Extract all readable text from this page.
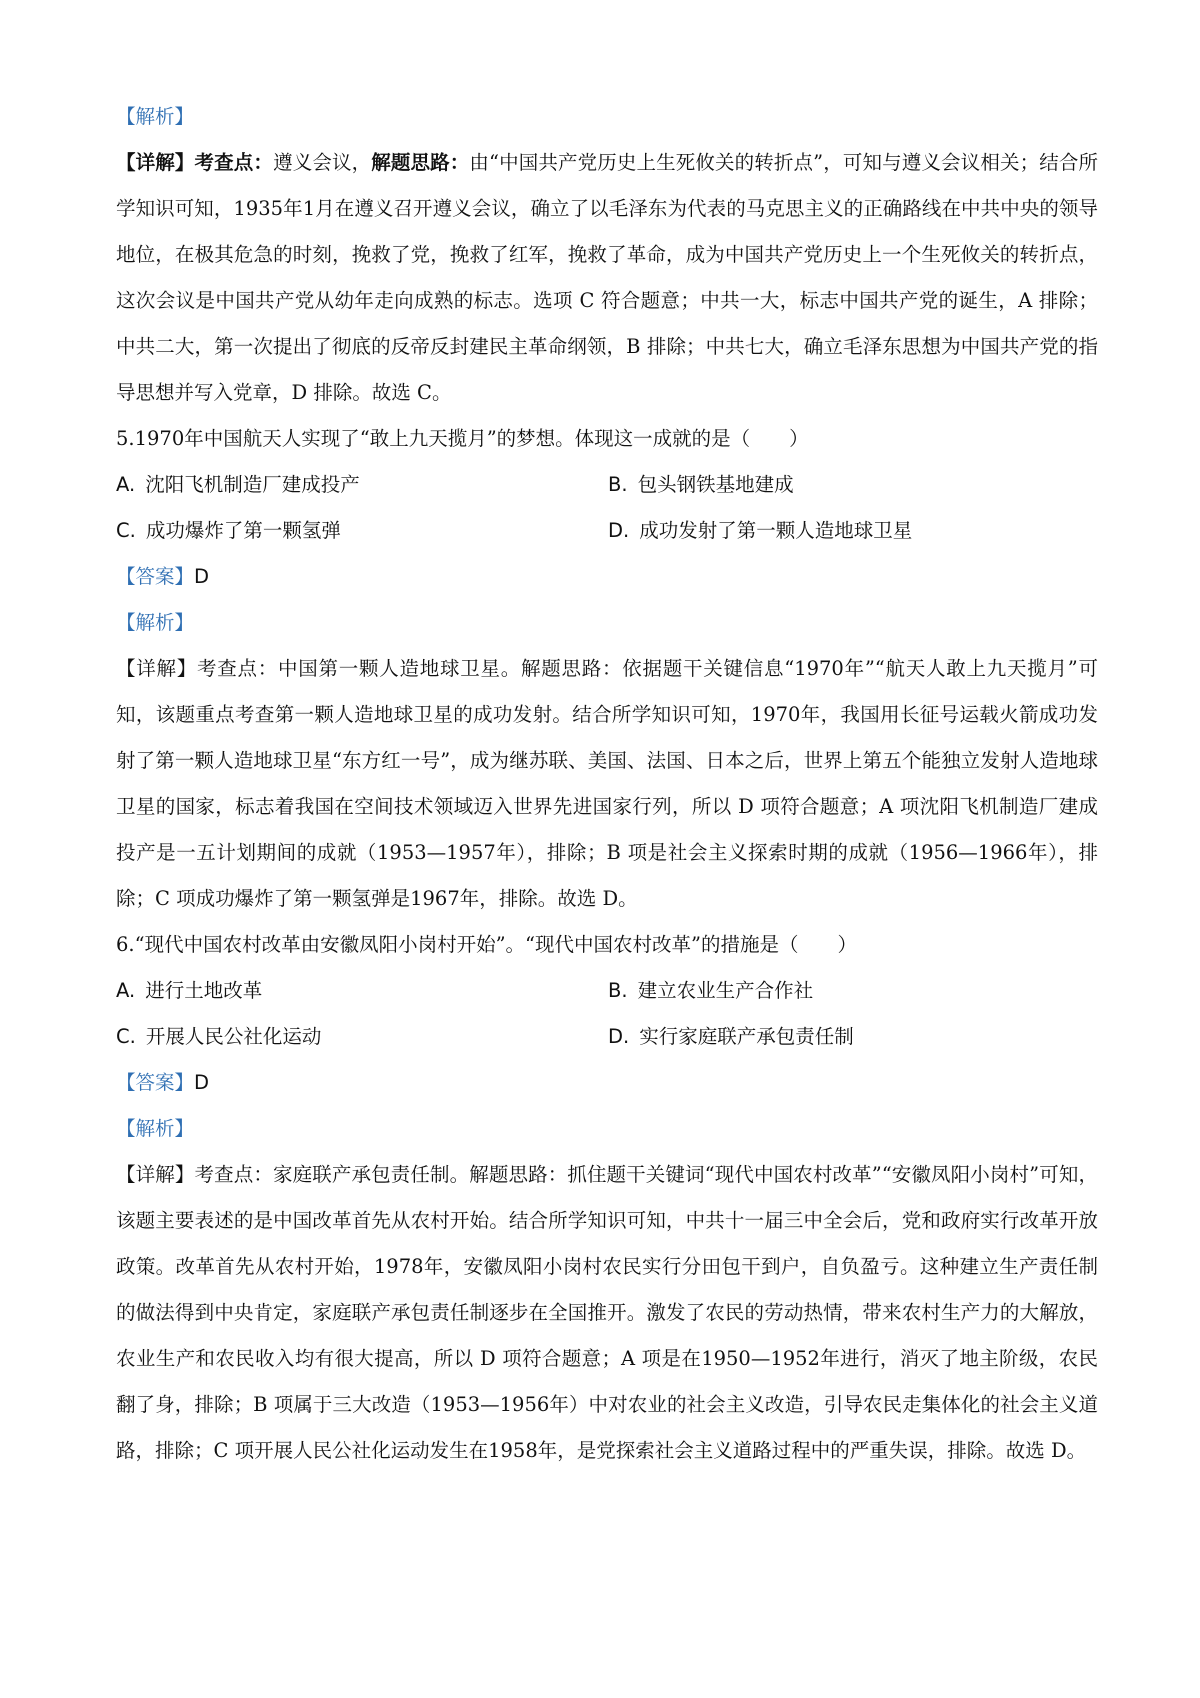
【解析】

【详解】考查点：遵义会议，解题思路：由“中国共产党历史上生死攸关的转折点”，可知与遵义会议相关；结合所学知识可知，1935年1月在遵义召开遵义会议，确立了以毛泽东为代表的马克思主义的正确路线在中共中央的领导地位，在极其危急的时刻，挽救了党，挽救了红军，挽救了革命，成为中国共产党历史上一个生死攸关的转折点，这次会议是中国共产党从幼年走向成熟的标志。选项 C 符合题意；中共一大，标志中国共产党的诞生，A 排除；中共二大，第一次提出了彻底的反帝反封建民主革命纲领，B 排除；中共七大，确立毛泽东思想为中国共产党的指导思想并写入党章，D 排除。故选 C。

5.1970年中国航天人实现了“敢上九天揽月”的梦想。体现这一成就的是（　　）
A. 沈阳飞机制造厂建成投产	B. 包头钢铁基地建成
C. 成功爆炸了第一颗氢弹	D. 成功发射了第一颗人造地球卫星
【答案】D
【解析】

【详解】考查点：中国第一颗人造地球卫星。解题思路：依据题干关键信息“1970年”“航天人敢上九天揽月”可知，该题重点考查第一颗人造地球卫星的成功发射。结合所学知识可知，1970年，我国用长征号运载火箭成功发射了第一颗人造地球卫星“东方红一号”，成为继苏联、美国、法国、日本之后，世界上第五个能独立发射人造地球卫星的国家，标志着我国在空间技术领域迈入世界先进国家行列，所以 D 项符合题意；A 项沈阳飞机制造厂建成投产是一五计划期间的成就（1953—1957年），排除；B 项是社会主义探索时期的成就（1956—1966年），排除；C 项成功爆炸了第一颗氢弹是1967年，排除。故选 D。

6.“现代中国农村改革由安徽凤阳小岗村开始”。“现代中国农村改革”的措施是（　　）
A. 进行土地改革	B. 建立农业生产合作社
C. 开展人民公社化运动	D. 实行家庭联产承包责任制
【答案】D
【解析】

【详解】考查点：家庭联产承包责任制。解题思路：抓住题干关键词“现代中国农村改革”“安徽凤阳小岗村”可知，该题主要表述的是中国改革首先从农村开始。结合所学知识可知，中共十一届三中全会后，党和政府实行改革开放政策。改革首先从农村开始，1978年，安徽凤阳小岗村农民实行分田包干到户，自负盈亏。这种建立生产责任制的做法得到中央肯定，家庭联产承包责任制逐步在全国推开。激发了农民的劳动热情，带来农村生产力的大解放，农业生产和农民收入均有很大提高，所以 D 项符合题意；A 项是在1950—1952年进行，消灭了地主阶级，农民翻了身，排除；B 项属于三大改造（1953—1956年）中对农业的社会主义改造，引导农民走集体化的社会主义道路，排除；C 项开展人民公社化运动发生在1958年，是党探索社会主义道路过程中的严重失误，排除。故选 D。
